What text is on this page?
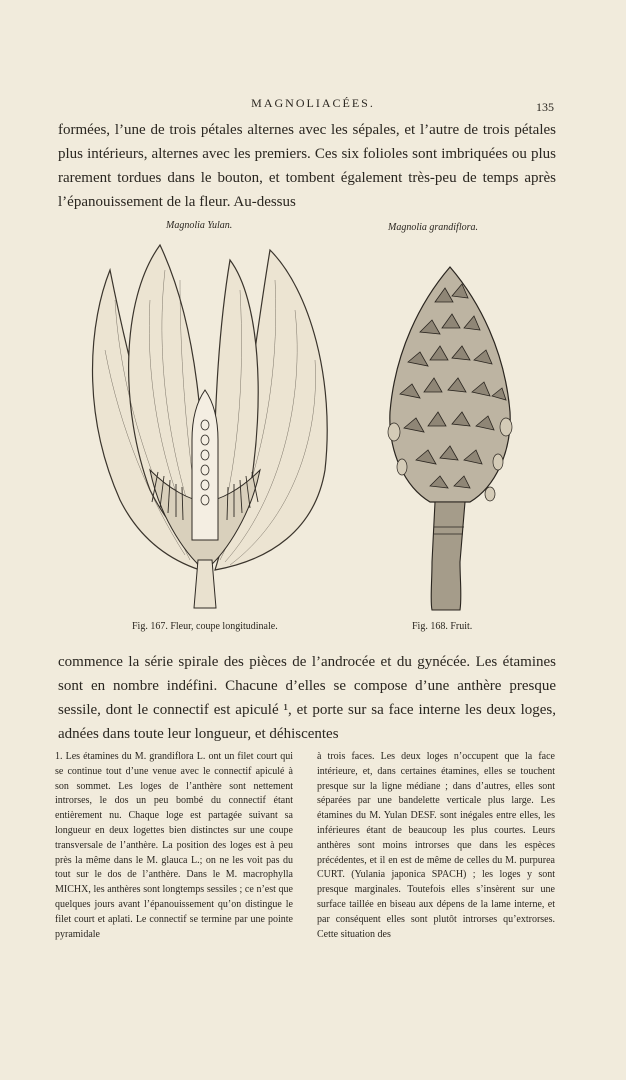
MAGNOLIACÉES.	135

formées, l’une de trois pétales alternes avec les sépales, et l’autre de trois pétales plus intérieurs, alternes avec les premiers. Ces six folioles sont imbriquées ou plus rarement tordues dans le bouton, et tombent également très-peu de temps après l’épanouissement de la fleur. Au-dessus

Magnolia Yulan.	Magnolia grandiflora.
Fig. 167. Fleur, coupe longitudinale.	Fig. 168. Fruit.

commence la série spirale des pièces de l’androcée et du gynécée. Les étamines sont en nombre indéfini. Chacune d’elles se compose d’une anthère presque sessile, dont le connectif est apiculé ¹, et porte sur sa face interne les deux loges, adnées dans toute leur longueur, et déhiscentes

1. Les étamines du M. grandiflora L. ont un filet court qui se continue tout d’une venue avec le connectif apiculé à son sommet. Les loges de l’anthère sont nettement introrses, le dos un peu bombé du connectif étant entièrement nu. Chaque loge est partagée suivant sa longueur en deux logettes bien distinctes sur une coupe transversale de l’anthère. La position des loges est à peu près la même dans le M. glauca L.; on ne les voit pas du tout sur le dos de l’anthère. Dans le M. macrophylla MICHX, les anthères sont longtemps sessiles ; ce n’est que quelques jours avant l’épanouissement qu’on distingue le filet court et aplati. Le connectif se termine par une pointe pyramidale

à trois faces. Les deux loges n’occupent que la face intérieure, et, dans certaines étamines, elles se touchent presque sur la ligne médiane ; dans d’autres, elles sont séparées par une bandelette verticale plus large. Les étamines du M. Yulan DESF. sont inégales entre elles, les inférieures étant de beaucoup les plus courtes. Leurs anthères sont moins introrses que dans les espèces précédentes, et il en est de même de celles du M. purpurea CURT. (Yulania japonica SPACH) ; les loges y sont presque marginales. Toutefois elles s’insèrent sur une surface taillée en biseau aux dépens de la lame interne, et par conséquent elles sont plutôt introrses qu’extrorses. Cette situation des
